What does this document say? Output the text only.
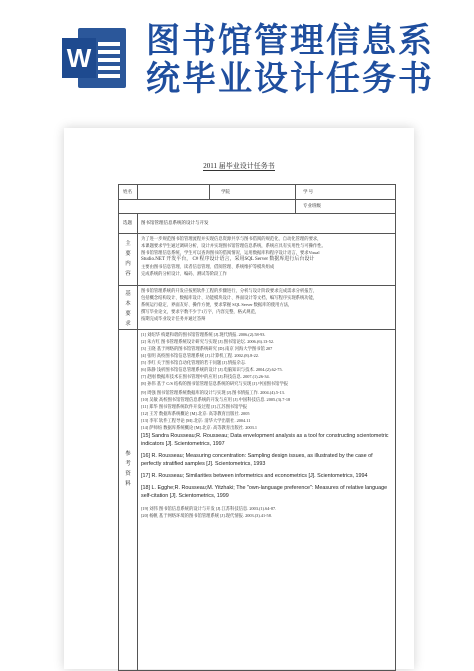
W 图书馆管理信息系
统毕业设计任务书
2011 届毕业设计任务书
姓名	学院	学 号
专业班级
选题 图书馆管理信息系统的设计与开发
主要内容
为了进一步规范图书馆管理流程并实现信息资源共享与图书借阅的规范化、自动化管理的要求，
本课题要求学生通过调研分析，设计并实现图书馆管理信息系统，系统应具有实用性与可操作性。
图书馆管理信息系统，学生可以查询图书的借阅情况，运用数据库和程序设计语言，要求Visual
Studio.NET 开发平台， C# 程序设计语言，采用SQL Server 数据库进行后台设计
主要由图书信息管理、读者信息管理、借阅管理、系统维护等模块组成
完成系统的分析设计、编码、测试等阶段工作
基本要求
图书馆管理系统的开发应按照软件工程的步骤进行，分析与设计阶段要求完成需求分析报告，
包括概念结构设计、数据库设计、功能模块设计、界面设计等文档，编写程序实现系统功能，
系统运行稳定、界面友好、操作方便，要求掌握 SQL Server 数据库的使用方法，
撰写毕业论文，要求字数不少于1万字，内容完整，格式规范，
按期完成毕业设计任务并通过答辩
参考资料
[1] 刘绍华 构建和谐的图书馆管理系统 [J].现代情报. 2006.(2).58-93.
[2] 朱方红 图书管理系统设计研究与实现 [J].图书馆论坛. 2006.(6).13-52.
[3] 王晓 基于网络的图书馆管理系统研究 [D].南京 河海大学图书馆 207
[4] 张明 高校图书馆信息管理系统 [J].计算机工程. 2002.(8).8-22.
[5] 李红 关于图书馆自动化管理的若干问题 [J].情报杂志.
[6] 陈静 浅析图书馆信息管理系统的设计 [J].电脑知识与技术. 2004.(2).62-75.
[7] 赵刚 数据库技术在图书管理中的应用 [J].科技信息. 2007.(1).26-34.
[8] 孙伟 基于 C/S 结构的图书馆管理信息系统的研究与实现 [J].中国图书馆学报
[9] 周强 图书馆管理系统数据库的设计与实现 [J].图书情报工作. 2004.(4).5-13.
[10] 吴敏 高校图书馆管理信息系统的开发与应用 [J].中国科技信息. 2005.(3).7-18
[11] 郑华 图书管理系统软件开发过程 [J].江苏图书馆学报
[12] 王芳 数据库系统概论 [M].北京: 高等教育出版社. 2005
[13] 李军 软件工程导论 [M].北京: 清华大学出版社. 2004.11
[14] 萨师煊 数据库系统概论 [M].北京: 高等教育出版社. 2003.1
[15] Sandra Rousseau;R. Rousseau; Data envelopment analysis as a tool for constructing scientometric indicators [J]. Scientometrics, 1997
[16] R. Rousseau; Measuring concentration: Sampling design issues, as illustrated by the case of perfectly stratified samples [J]. Scientometrics, 1993
[17] R. Rousseau; Similarities between informetrics and econometrics [J]. Scientometrics, 1994
[18] L. Egghe;R. Rousseau;M. Yitzhaki; The "own-language preference": Measures of relative language self-citation [J]. Scientometrics, 1999
[19] 刘伟 图书馆信息系统的设计与开发 [J].江苏科技信息. 2003.(1).64-87.
[20] 杨帆 基于网络环境的图书馆管理系统 [J].现代情报. 2003.(3).41-58.
